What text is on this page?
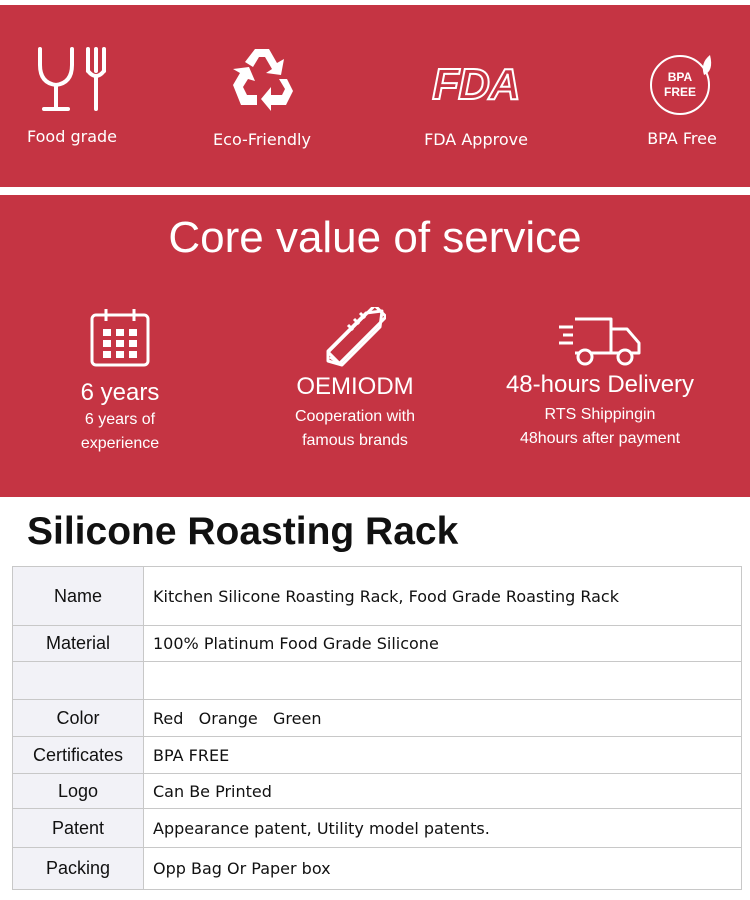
Food grade	Eco-Friendly
FDA
FDA Approve
BPA
FREE
BPA Free
Core value of service
6 years
6 years of
experience
OEMIODM
Cooperation with
famous brands
48-hours Delivery
RTS Shippingin
48hours after payment
Silicone Roasting Rack
Name	Kitchen Silicone Roasting Rack, Food Grade Roasting Rack
Material	100% Platinum Food Grade Silicone

Color	Red   Orange   Green
Certificates	BPA FREE
Logo	Can Be Printed
Patent	Appearance patent, Utility model patents.
Packing	Opp Bag Or Paper box
